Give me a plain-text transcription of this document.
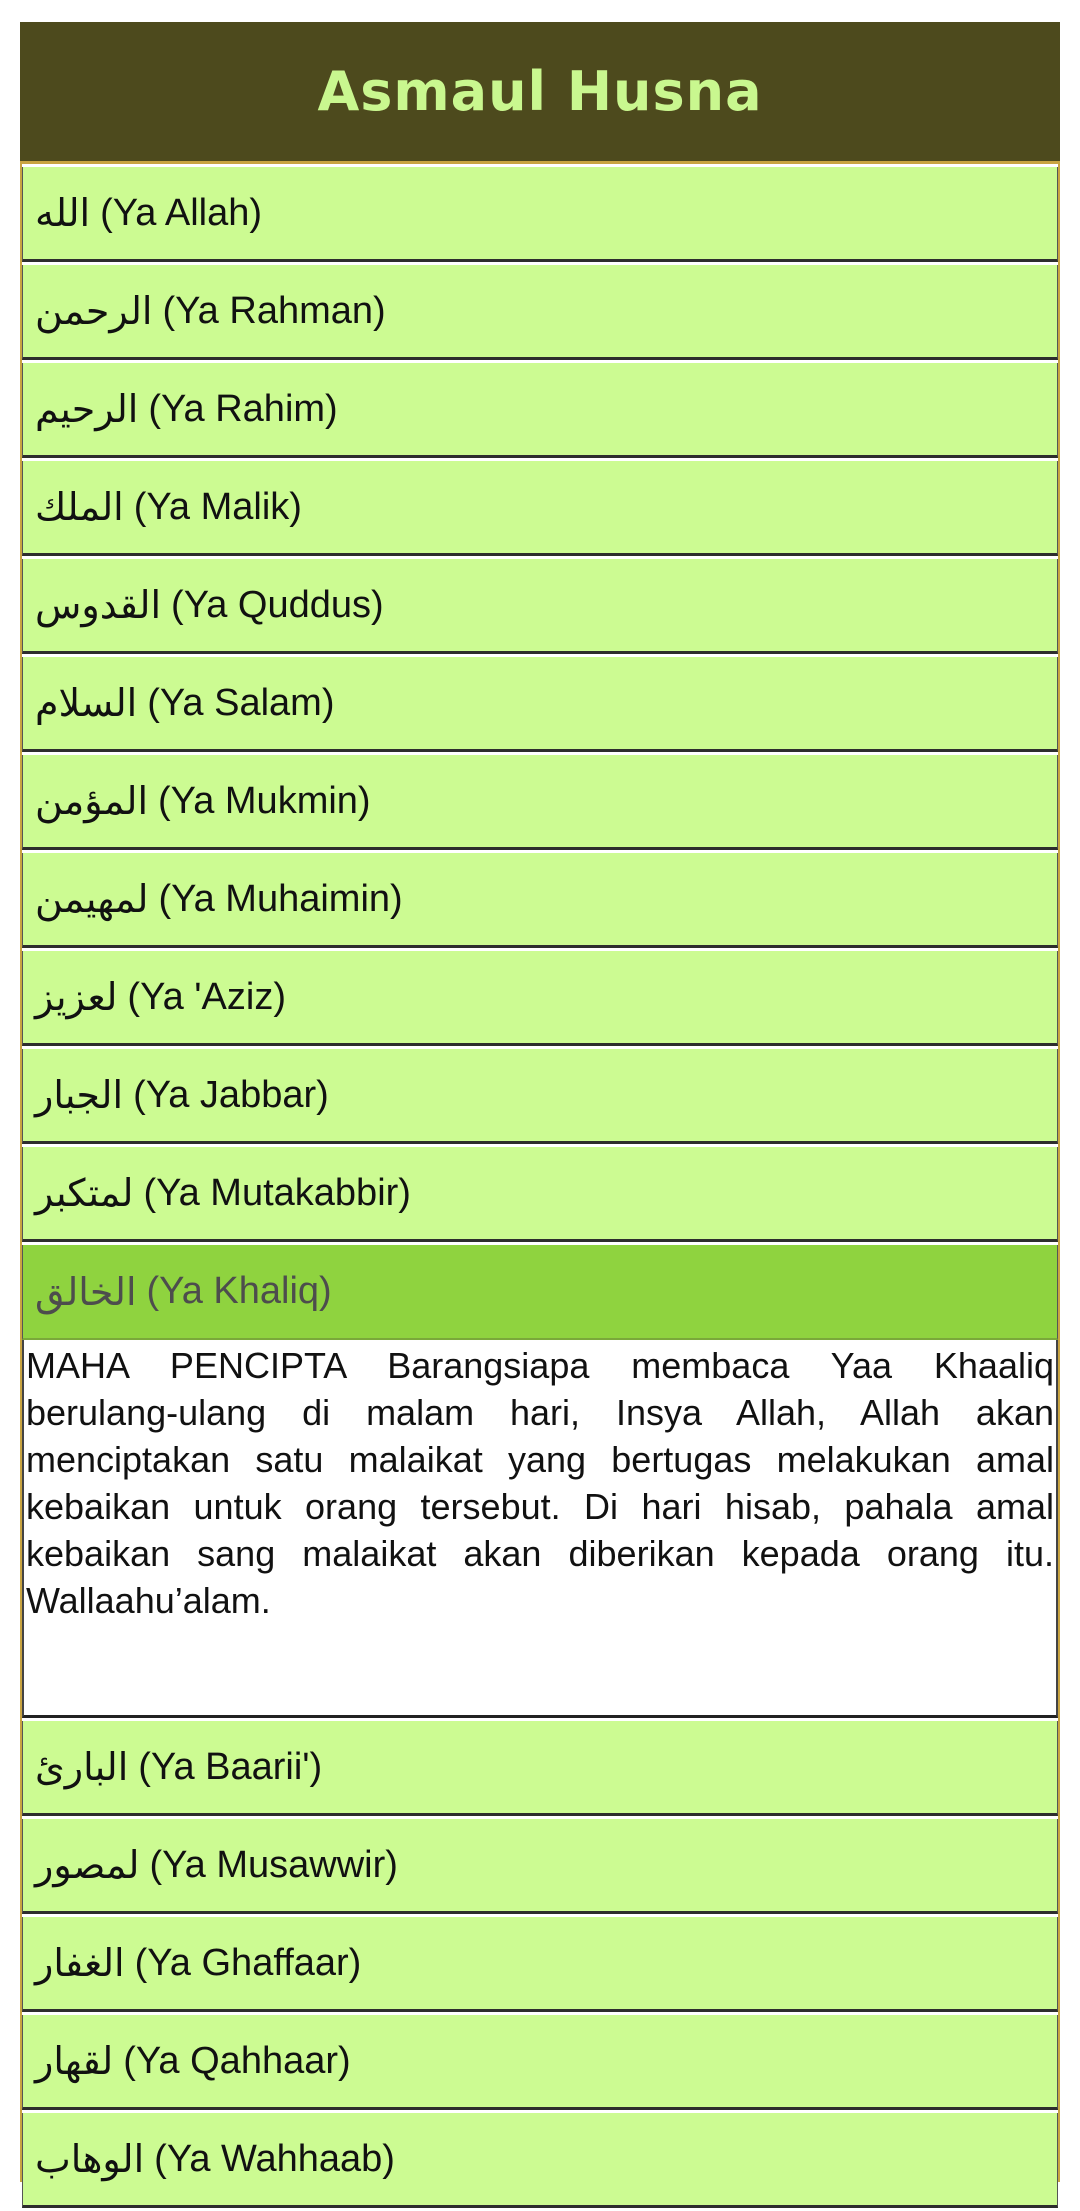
Asmaul Husna
الله (Ya Allah)
الرحمن (Ya Rahman)
الرحيم (Ya Rahim)
الملك (Ya Malik)
القدوس (Ya Quddus)
السلام (Ya Salam)
المؤمن (Ya Mukmin)
لمهيمن (Ya Muhaimin)
لعزيز (Ya 'Aziz)
الجبار (Ya Jabbar)
لمتكبر (Ya Mutakabbir)
الخالق (Ya Khaliq)
MAHA PENCIPTA Barangsiapa membaca Yaa Khaaliq berulang-ulang di malam hari, Insya Allah, Allah akan menciptakan satu malaikat yang bertugas melakukan amal kebaikan untuk orang tersebut. Di hari hisab, pahala amal kebaikan sang malaikat akan diberikan kepada orang itu. Wallaahu’alam.
البارئ (Ya Baarii')
لمصور (Ya Musawwir)
الغفار (Ya Ghaffaar)
لقهار (Ya Qahhaar)
الوهاب (Ya Wahhaab)
